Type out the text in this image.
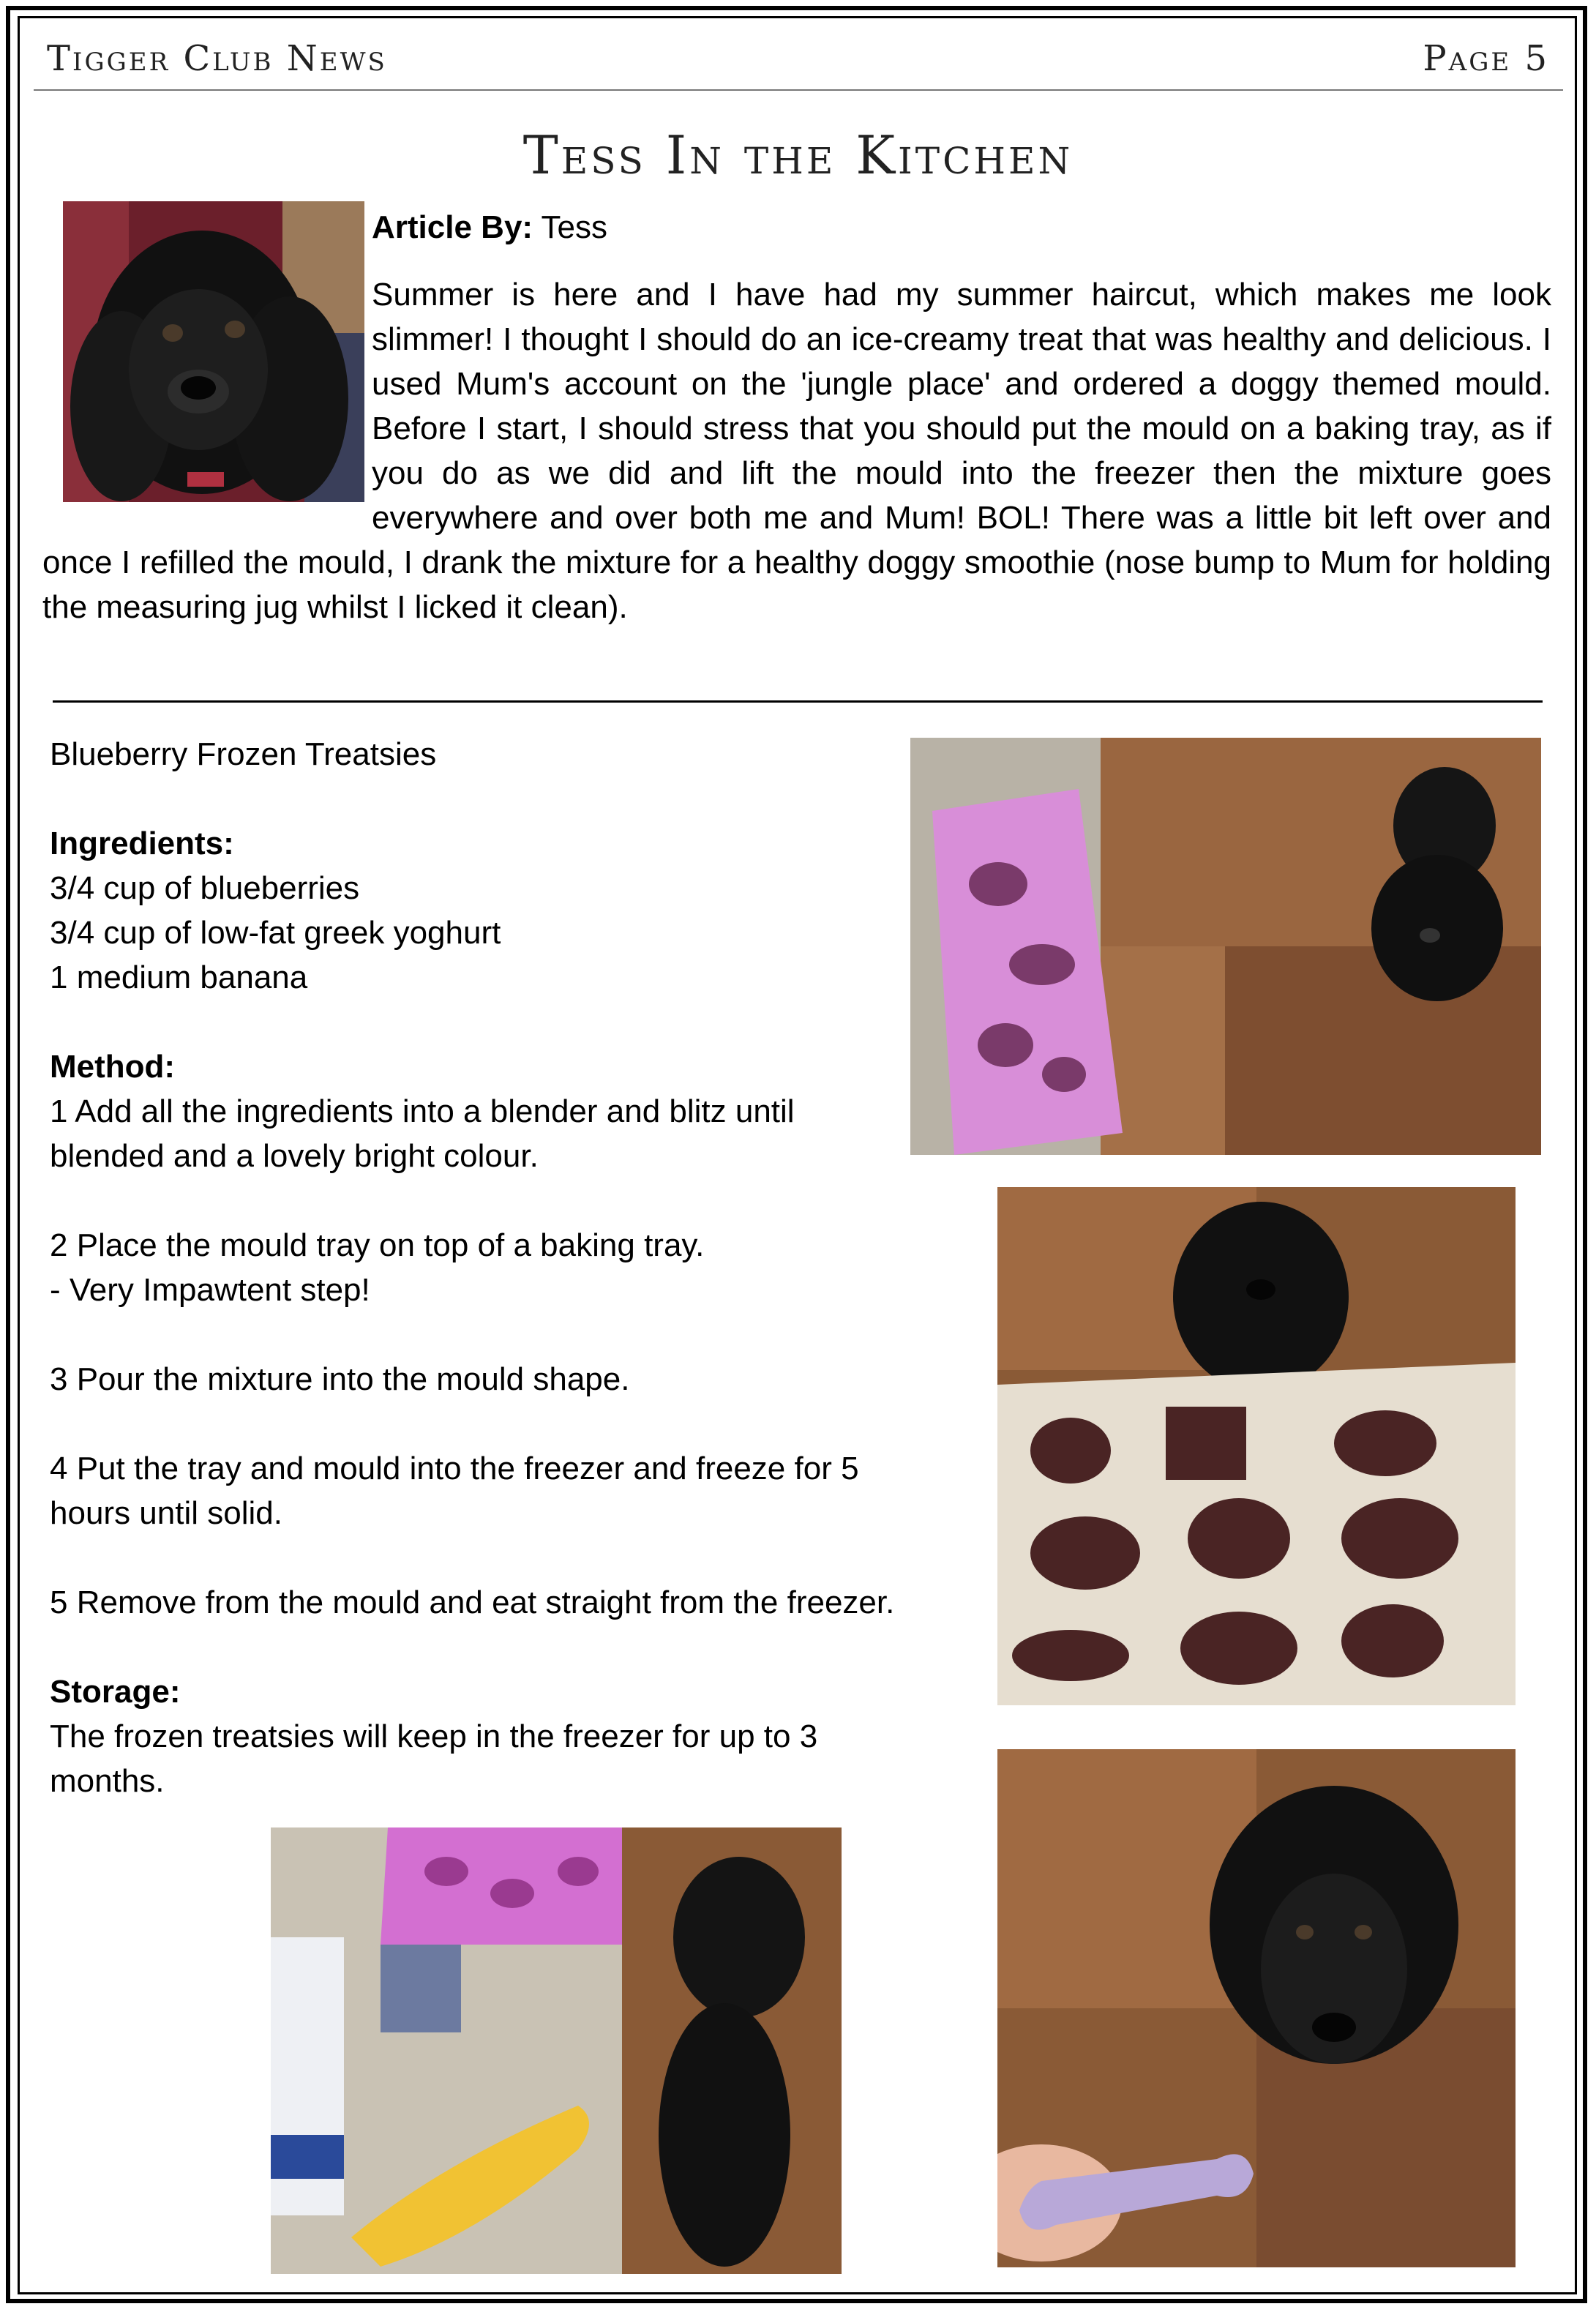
Tigger Club News	Page 5
Tess In the Kitchen
Article By: Tess

Summer is here and I have had my summer haircut, which makes me look slimmer! I thought I should do an ice-creamy treat that was healthy and delicious. I used Mum's account on the 'jungle place' and ordered a doggy themed mould. Before I start, I should stress that you should put the mould on a baking tray, as if you do as we did and lift the mould into the freezer then the mixture goes everywhere and over both me and Mum! BOL! There was a little bit left over and once I refilled the mould, I drank the mixture for a healthy doggy smoothie (nose bump to Mum for holding the measuring jug whilst I licked it clean).

Blueberry Frozen Treatsies

Ingredients:

3/4 cup of blueberries

3/4 cup of low-fat greek yoghurt

1 medium banana

Method:

1 Add all the ingredients into a blender and blitz until blended and a lovely bright colour.

2 Place the mould tray on top of a baking tray.

- Very Impawtent step!

3 Pour the mixture into the mould shape.

4 Put the tray and mould into the freezer and freeze for 5 hours until solid.

5 Remove from the mould and eat straight from the freezer.

Storage:

The frozen treatsies will keep in the freezer for up to 3 months.
